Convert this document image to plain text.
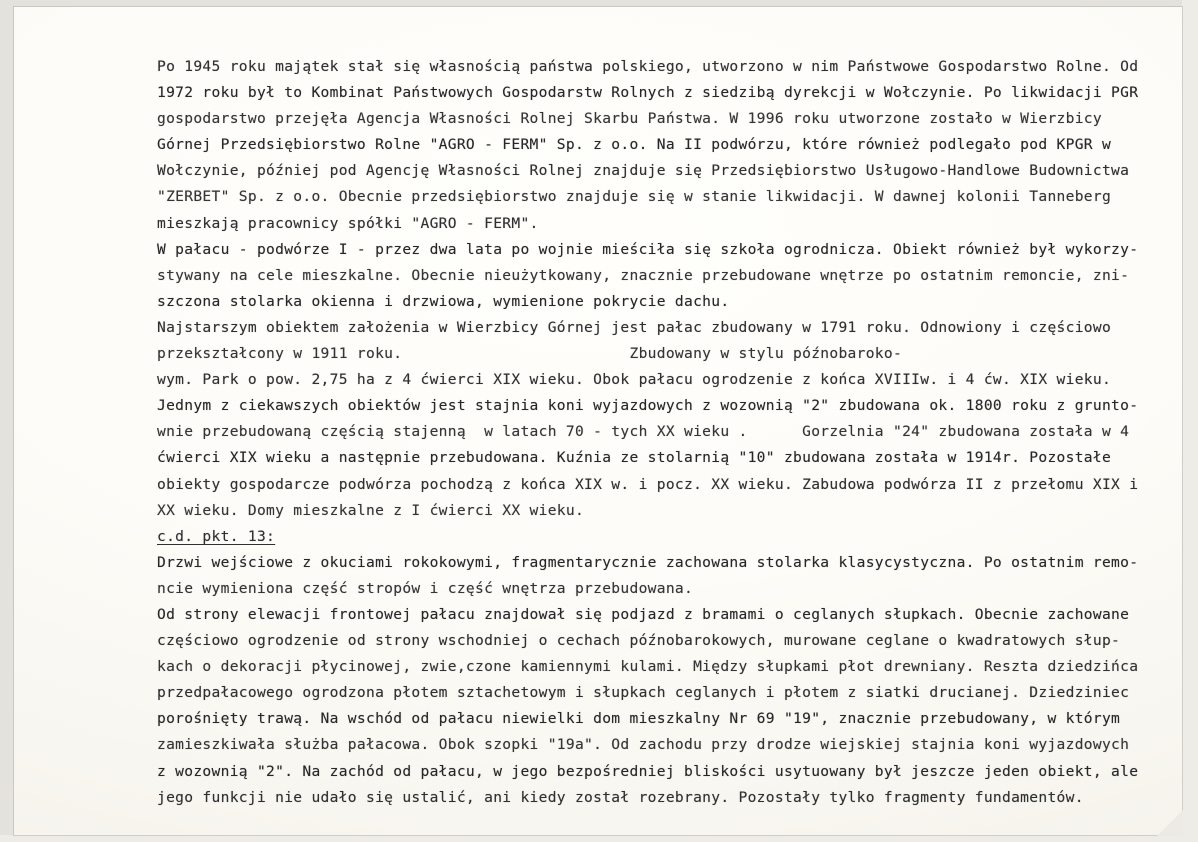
Po 1945 roku majątek stał się własnością państwa polskiego, utworzono w nim Państwowe Gospodarstwo Rolne. Od
1972 roku był to Kombinat Państwowych Gospodarstw Rolnych z siedzibą dyrekcji w Wołczynie. Po likwidacji PGR
gospodarstwo przejęła Agencja Własności Rolnej Skarbu Państwa. W 1996 roku utworzone zostało w Wierzbicy
Górnej Przedsiębiorstwo Rolne "AGRO - FERM" Sp. z o.o. Na II podwórzu, które również podlegało pod KPGR w
Wołczynie, później pod Agencję Własności Rolnej znajduje się Przedsiębiorstwo Usługowo-Handlowe Budownictwa
"ZERBET" Sp. z o.o. Obecnie przedsiębiorstwo znajduje się w stanie likwidacji. W dawnej kolonii Tanneberg
mieszkają pracownicy spółki "AGRO - FERM".
W pałacu - podwórze I - przez dwa lata po wojnie mieściła się szkoła ogrodnicza. Obiekt również był wykorzy-
stywany na cele mieszkalne. Obecnie nieużytkowany, znacznie przebudowane wnętrze po ostatnim remoncie, zni-
szczona stolarka okienna i drzwiowa, wymienione pokrycie dachu.
Najstarszym obiektem założenia w Wierzbicy Górnej jest pałac zbudowany w 1791 roku. Odnowiony i częściowo
przekształcony w 1911 roku.                         Zbudowany w stylu późnobaroko-
wym. Park o pow. 2,75 ha z 4 ćwierci XIX wieku. Obok pałacu ogrodzenie z końca XVIIIw. i 4 ćw. XIX wieku.
Jednym z ciekawszych obiektów jest stajnia koni wyjazdowych z wozownią "2" zbudowana ok. 1800 roku z grunto-
wnie przebudowaną częścią stajenną  w latach 70 - tych XX wieku .      Gorzelnia "24" zbudowana została w 4
ćwierci XIX wieku a następnie przebudowana. Kuźnia ze stolarnią "10" zbudowana została w 1914r. Pozostałe
obiekty gospodarcze podwórza pochodzą z końca XIX w. i pocz. XX wieku. Zabudowa podwórza II z przełomu XIX i
XX wieku. Domy mieszkalne z I ćwierci XX wieku.
c.d. pkt. 13:
Drzwi wejściowe z okuciami rokokowymi, fragmentarycznie zachowana stolarka klasycystyczna. Po ostatnim remo-
ncie wymieniona część stropów i część wnętrza przebudowana.
Od strony elewacji frontowej pałacu znajdował się podjazd z bramami o ceglanych słupkach. Obecnie zachowane
częściowo ogrodzenie od strony wschodniej o cechach późnobarokowych, murowane ceglane o kwadratowych słup-
kach o dekoracji płycinowej, zwie,czone kamiennymi kulami. Między słupkami płot drewniany. Reszta dziedzińca
przedpałacowego ogrodzona płotem sztachetowym i słupkach ceglanych i płotem z siatki drucianej. Dziedziniec
porośnięty trawą. Na wschód od pałacu niewielki dom mieszkalny Nr 69 "19", znacznie przebudowany, w którym
zamieszkiwała służba pałacowa. Obok szopki "19a". Od zachodu przy drodze wiejskiej stajnia koni wyjazdowych
z wozownią "2". Na zachód od pałacu, w jego bezpośredniej bliskości usytuowany był jeszcze jeden obiekt, ale
jego funkcji nie udało się ustalić, ani kiedy został rozebrany. Pozostały tylko fragmenty fundamentów.
